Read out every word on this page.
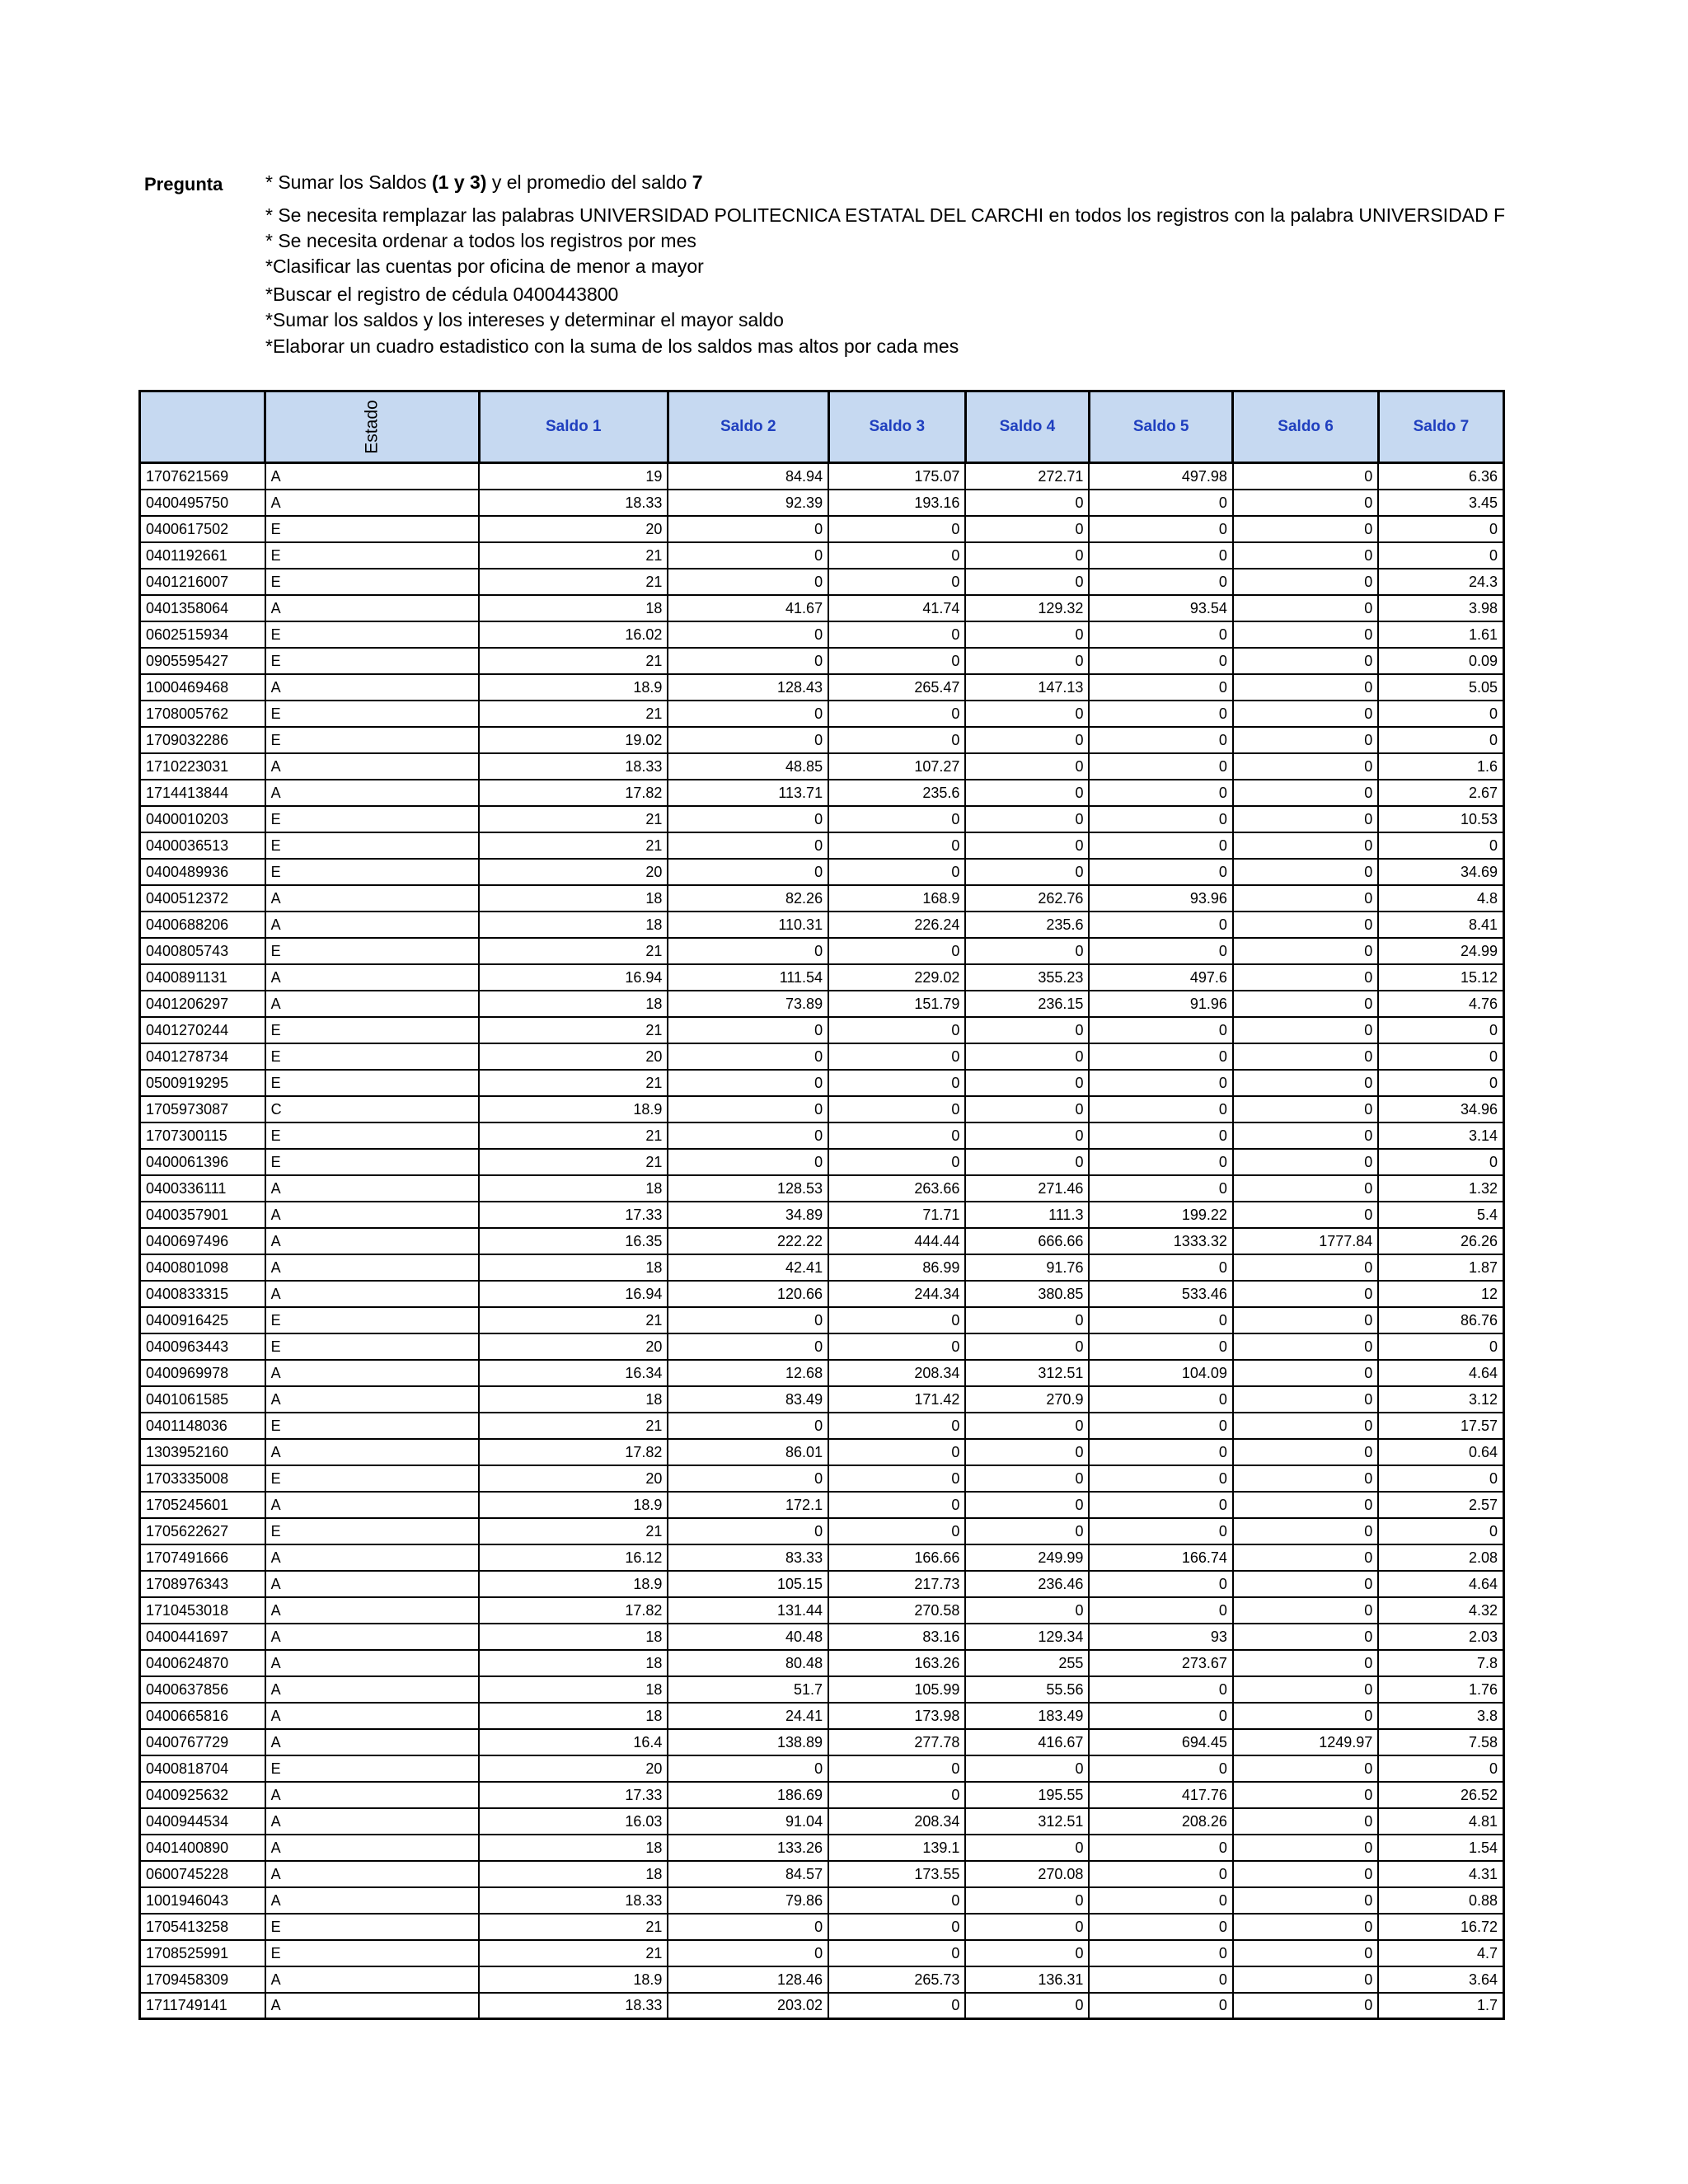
Pregunta * Sumar los Saldos (1 y 3) y el promedio del saldo 7
* Se necesita remplazar las palabras UNIVERSIDAD POLITECNICA ESTATAL DEL CARCHI en todos los registros con la palabra UNIVERSIDAD F
* Se necesita ordenar a todos los registros por mes
*Clasificar las cuentas por oficina de menor a mayor
*Buscar el registro de cédula 0400443800
*Sumar los saldos y los intereses y determinar el mayor saldo
*Elaborar un cuadro estadistico con la suma de los saldos mas altos por cada mes
	Estado	Saldo 1	Saldo 2	Saldo 3	Saldo 4	Saldo 5	Saldo 6	Saldo 7
1707621569	A	19	84.94	175.07	272.71	497.98	0	6.36
0400495750	A	18.33	92.39	193.16	0	0	0	3.45
0400617502	E	20	0	0	0	0	0	0
0401192661	E	21	0	0	0	0	0	0
0401216007	E	21	0	0	0	0	0	24.3
0401358064	A	18	41.67	41.74	129.32	93.54	0	3.98
0602515934	E	16.02	0	0	0	0	0	1.61
0905595427	E	21	0	0	0	0	0	0.09
1000469468	A	18.9	128.43	265.47	147.13	0	0	5.05
1708005762	E	21	0	0	0	0	0	0
1709032286	E	19.02	0	0	0	0	0	0
1710223031	A	18.33	48.85	107.27	0	0	0	1.6
1714413844	A	17.82	113.71	235.6	0	0	0	2.67
0400010203	E	21	0	0	0	0	0	10.53
0400036513	E	21	0	0	0	0	0	0
0400489936	E	20	0	0	0	0	0	34.69
0400512372	A	18	82.26	168.9	262.76	93.96	0	4.8
0400688206	A	18	110.31	226.24	235.6	0	0	8.41
0400805743	E	21	0	0	0	0	0	24.99
0400891131	A	16.94	111.54	229.02	355.23	497.6	0	15.12
0401206297	A	18	73.89	151.79	236.15	91.96	0	4.76
0401270244	E	21	0	0	0	0	0	0
0401278734	E	20	0	0	0	0	0	0
0500919295	E	21	0	0	0	0	0	0
1705973087	C	18.9	0	0	0	0	0	34.96
1707300115	E	21	0	0	0	0	0	3.14
0400061396	E	21	0	0	0	0	0	0
0400336111	A	18	128.53	263.66	271.46	0	0	1.32
0400357901	A	17.33	34.89	71.71	111.3	199.22	0	5.4
0400697496	A	16.35	222.22	444.44	666.66	1333.32	1777.84	26.26
0400801098	A	18	42.41	86.99	91.76	0	0	1.87
0400833315	A	16.94	120.66	244.34	380.85	533.46	0	12
0400916425	E	21	0	0	0	0	0	86.76
0400963443	E	20	0	0	0	0	0	0
0400969978	A	16.34	12.68	208.34	312.51	104.09	0	4.64
0401061585	A	18	83.49	171.42	270.9	0	0	3.12
0401148036	E	21	0	0	0	0	0	17.57
1303952160	A	17.82	86.01	0	0	0	0	0.64
1703335008	E	20	0	0	0	0	0	0
1705245601	A	18.9	172.1	0	0	0	0	2.57
1705622627	E	21	0	0	0	0	0	0
1707491666	A	16.12	83.33	166.66	249.99	166.74	0	2.08
1708976343	A	18.9	105.15	217.73	236.46	0	0	4.64
1710453018	A	17.82	131.44	270.58	0	0	0	4.32
0400441697	A	18	40.48	83.16	129.34	93	0	2.03
0400624870	A	18	80.48	163.26	255	273.67	0	7.8
0400637856	A	18	51.7	105.99	55.56	0	0	1.76
0400665816	A	18	24.41	173.98	183.49	0	0	3.8
0400767729	A	16.4	138.89	277.78	416.67	694.45	1249.97	7.58
0400818704	E	20	0	0	0	0	0	0
0400925632	A	17.33	186.69	0	195.55	417.76	0	26.52
0400944534	A	16.03	91.04	208.34	312.51	208.26	0	4.81
0401400890	A	18	133.26	139.1	0	0	0	1.54
0600745228	A	18	84.57	173.55	270.08	0	0	4.31
1001946043	A	18.33	79.86	0	0	0	0	0.88
1705413258	E	21	0	0	0	0	0	16.72
1708525991	E	21	0	0	0	0	0	4.7
1709458309	A	18.9	128.46	265.73	136.31	0	0	3.64
1711749141	A	18.33	203.02	0	0	0	0	1.7
